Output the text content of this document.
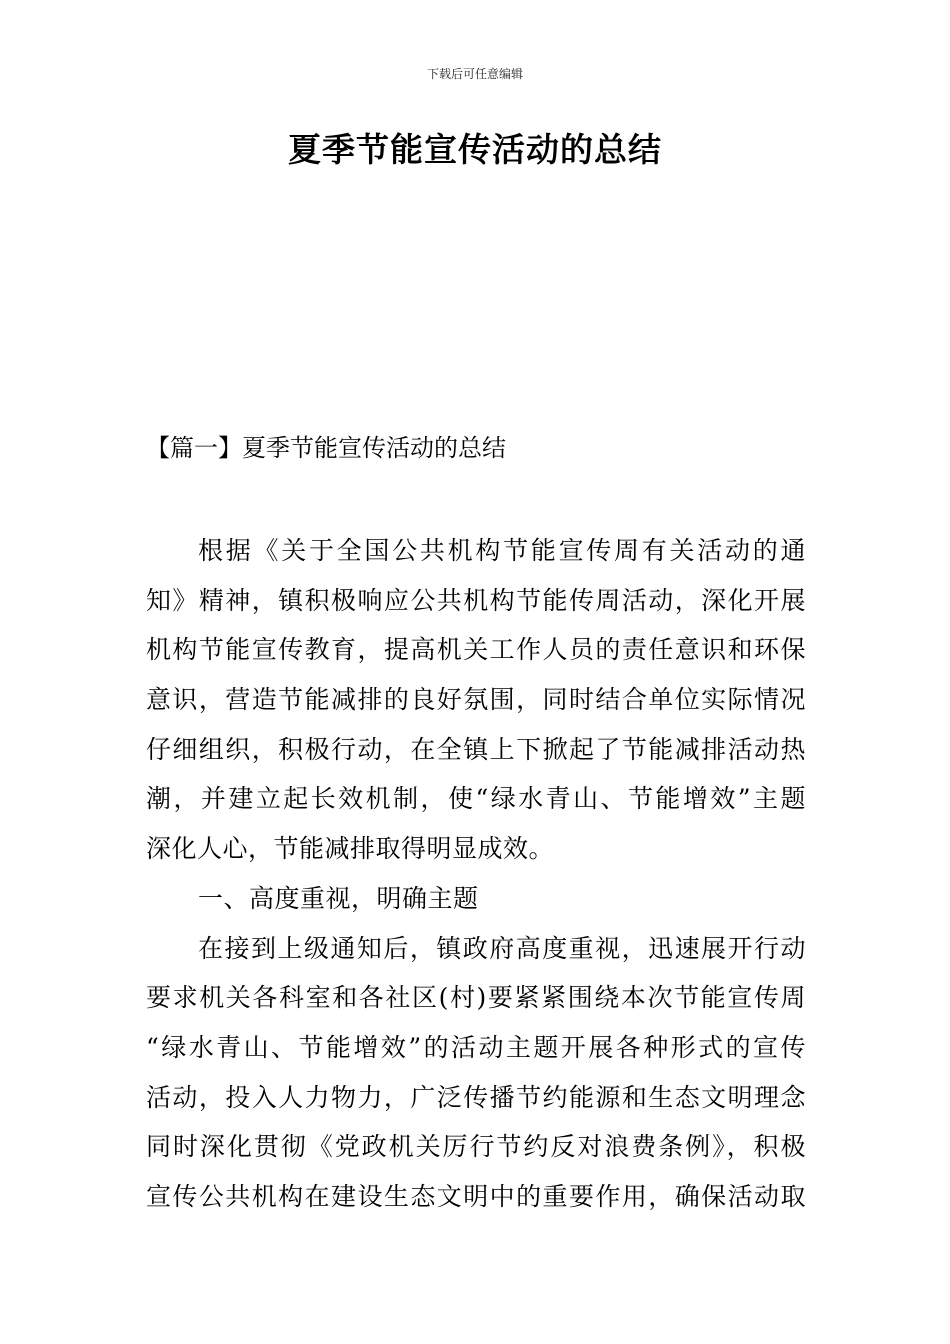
下载后可任意编辑
夏季节能宣传活动的总结
【篇一】夏季节能宣传活动的总结
根据《关于全国公共机构节能宣传周有关活动的通
知》精神，镇积极响应公共机构节能传周活动，深化开展
机构节能宣传教育，提高机关工作人员的责任意识和环保
意识，营造节能减排的良好氛围，同时结合单位实际情况
仔细组织，积极行动，在全镇上下掀起了节能减排活动热
潮，并建立起长效机制，使“绿水青山、节能增效”主题
深化人心，节能减排取得明显成效。
一、高度重视，明确主题
在接到上级通知后，镇政府高度重视，迅速展开行动
要求机关各科室和各社区(村)要紧紧围绕本次节能宣传周
“绿水青山、节能增效”的活动主题开展各种形式的宣传
活动，投入人力物力，广泛传播节约能源和生态文明理念
同时深化贯彻《党政机关厉行节约反对浪费条例》，积极
宣传公共机构在建设生态文明中的重要作用，确保活动取
